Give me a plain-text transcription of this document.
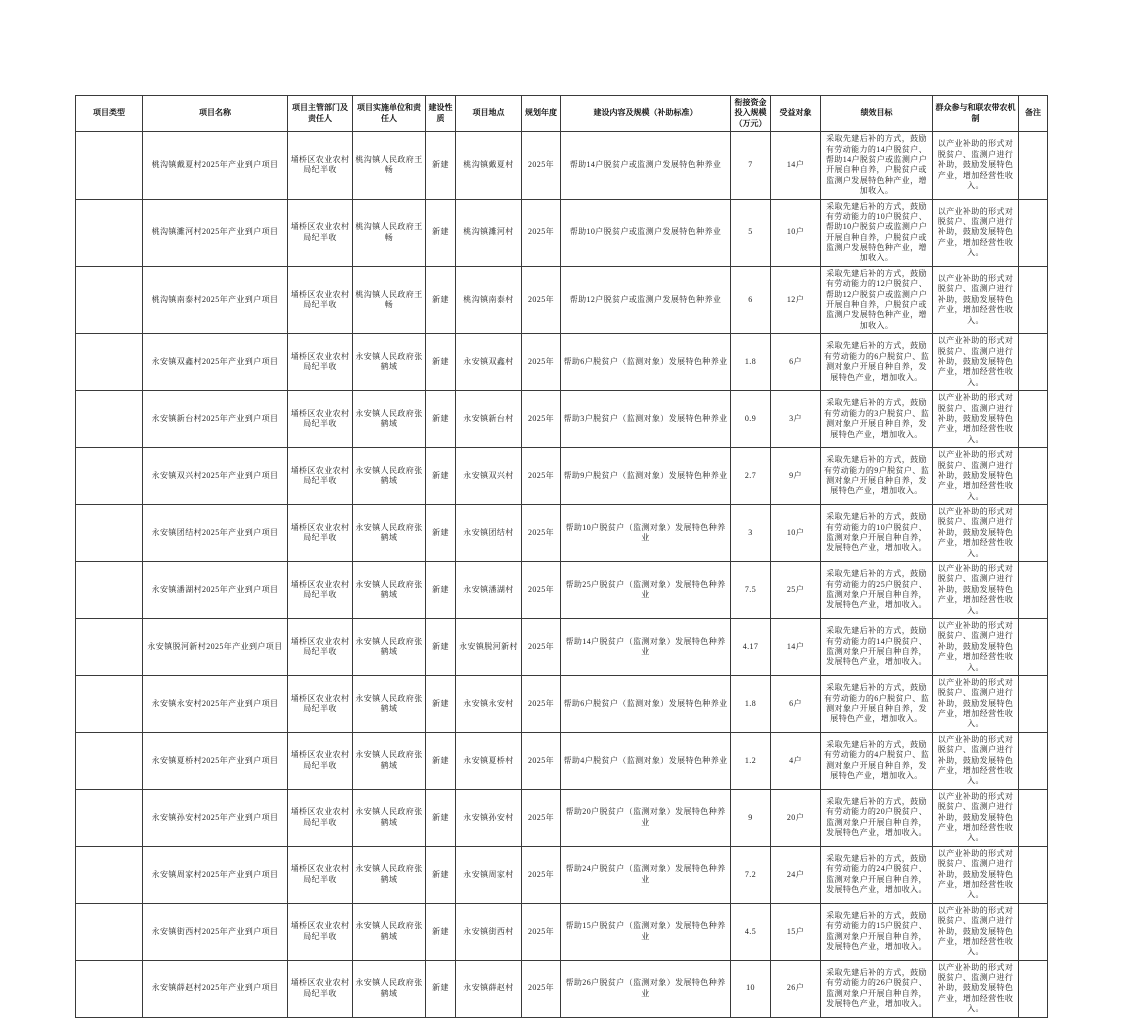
项目类型	项目名称	项目主管部门及责任人	项目实施单位和责任人	建设性质	项目地点	规划年度	建设内容及规模（补助标准）	衔接资金投入规模（万元）	受益对象	绩效目标	群众参与和联农带农机制	备注
	桃沟镇戴夏村2025年产业到户项目	埇桥区农业农村局纪半收	桃沟镇人民政府王畅	新建	桃沟镇戴夏村	2025年	帮助14户脱贫户或监测户发展特色种养业	7	14户	采取先建后补的方式，鼓励有劳动能力的14户脱贫户、帮助14户脱贫户或监测户户开展自种自养，户脱贫户或监测户发展特色种产业，增加收入。	以产业补助的形式对脱贫户、监测户进行补助，鼓励发展特色产业，增加经营性收入。	
	桃沟镇濉河村2025年产业到户项目	埇桥区农业农村局纪半收	桃沟镇人民政府王畅	新建	桃沟镇濉河村	2025年	帮助10户脱贫户或监测户发展特色种养业	5	10户	采取先建后补的方式，鼓励有劳动能力的10户脱贫户、帮助10户脱贫户或监测户户开展自种自养，户脱贫户或监测户发展特色种产业，增加收入。	以产业补助的形式对脱贫户、监测户进行补助，鼓励发展特色产业，增加经营性收入。	
	桃沟镇南泰村2025年产业到户项目	埇桥区农业农村局纪半收	桃沟镇人民政府王畅	新建	桃沟镇南泰村	2025年	帮助12户脱贫户或监测户发展特色种养业	6	12户	采取先建后补的方式，鼓励有劳动能力的12户脱贫户、帮助12户脱贫户或监测户户开展自种自养，户脱贫户或监测户发展特色种产业，增加收入。	以产业补助的形式对脱贫户、监测户进行补助，鼓励发展特色产业，增加经营性收入。	
	永安镇双鑫村2025年产业到户项目	埇桥区农业农村局纪半收	永安镇人民政府张鹤域	新建	永安镇双鑫村	2025年	帮助6户脱贫户（监测对象）发展特色种养业	1.8	6户	采取先建后补的方式，鼓励有劳动能力的6户脱贫户、监测对象户开展自种自养，发展特色产业，增加收入。	以产业补助的形式对脱贫户、监测户进行补助，鼓励发展特色产业，增加经营性收入。	
	永安镇新台村2025年产业到户项目	埇桥区农业农村局纪半收	永安镇人民政府张鹤域	新建	永安镇新台村	2025年	帮助3户脱贫户（监测对象）发展特色种养业	0.9	3户	采取先建后补的方式，鼓励有劳动能力的3户脱贫户、监测对象户开展自种自养，发展特色产业，增加收入。	以产业补助的形式对脱贫户、监测户进行补助，鼓励发展特色产业，增加经营性收入。	
	永安镇双兴村2025年产业到户项目	埇桥区农业农村局纪半收	永安镇人民政府张鹤域	新建	永安镇双兴村	2025年	帮助9户脱贫户（监测对象）发展特色种养业	2.7	9户	采取先建后补的方式，鼓励有劳动能力的9户脱贫户、监测对象户开展自种自养，发展特色产业，增加收入。	以产业补助的形式对脱贫户、监测户进行补助，鼓励发展特色产业，增加经营性收入。	
	永安镇团结村2025年产业到户项目	埇桥区农业农村局纪半收	永安镇人民政府张鹤域	新建	永安镇团结村	2025年	帮助10户脱贫户（监测对象）发展特色种养业	3	10户	采取先建后补的方式，鼓励有劳动能力的10户脱贫户、监测对象户开展自种自养，发展特色产业，增加收入。	以产业补助的形式对脱贫户、监测户进行补助，鼓励发展特色产业，增加经营性收入。	
	永安镇潘湖村2025年产业到户项目	埇桥区农业农村局纪半收	永安镇人民政府张鹤域	新建	永安镇潘湖村	2025年	帮助25户脱贫户（监测对象）发展特色种养业	7.5	25户	采取先建后补的方式，鼓励有劳动能力的25户脱贫户、监测对象户开展自种自养，发展特色产业，增加收入。	以产业补助的形式对脱贫户、监测户进行补助，鼓励发展特色产业，增加经营性收入。	
	永安镇脱河新村2025年产业到户项目	埇桥区农业农村局纪半收	永安镇人民政府张鹤域	新建	永安镇脱河新村	2025年	帮助14户脱贫户（监测对象）发展特色种养业	4.17	14户	采取先建后补的方式，鼓励有劳动能力的14户脱贫户、监测对象户开展自种自养，发展特色产业，增加收入。	以产业补助的形式对脱贫户、监测户进行补助，鼓励发展特色产业，增加经营性收入。	
	永安镇永安村2025年产业到户项目	埇桥区农业农村局纪半收	永安镇人民政府张鹤域	新建	永安镇永安村	2025年	帮助6户脱贫户（监测对象）发展特色种养业	1.8	6户	采取先建后补的方式，鼓励有劳动能力的6户脱贫户、监测对象户开展自种自养，发展特色产业，增加收入。	以产业补助的形式对脱贫户、监测户进行补助，鼓励发展特色产业，增加经营性收入。	
	永安镇夏桥村2025年产业到户项目	埇桥区农业农村局纪半收	永安镇人民政府张鹤域	新建	永安镇夏桥村	2025年	帮助4户脱贫户（监测对象）发展特色种养业	1.2	4户	采取先建后补的方式，鼓励有劳动能力的4户脱贫户、监测对象户开展自种自养，发展特色产业，增加收入。	以产业补助的形式对脱贫户、监测户进行补助，鼓励发展特色产业，增加经营性收入。	
	永安镇孙安村2025年产业到户项目	埇桥区农业农村局纪半收	永安镇人民政府张鹤域	新建	永安镇孙安村	2025年	帮助20户脱贫户（监测对象）发展特色种养业	9	20户	采取先建后补的方式，鼓励有劳动能力的20户脱贫户、监测对象户开展自种自养，发展特色产业，增加收入。	以产业补助的形式对脱贫户、监测户进行补助，鼓励发展特色产业，增加经营性收入。	
	永安镇周家村2025年产业到户项目	埇桥区农业农村局纪半收	永安镇人民政府张鹤域	新建	永安镇周家村	2025年	帮助24户脱贫户（监测对象）发展特色种养业	7.2	24户	采取先建后补的方式，鼓励有劳动能力的24户脱贫户、监测对象户开展自种自养，发展特色产业，增加收入。	以产业补助的形式对脱贫户、监测户进行补助，鼓励发展特色产业，增加经营性收入。	
	永安镇街西村2025年产业到户项目	埇桥区农业农村局纪半收	永安镇人民政府张鹤域	新建	永安镇街西村	2025年	帮助15户脱贫户（监测对象）发展特色种养业	4.5	15户	采取先建后补的方式，鼓励有劳动能力的15户脱贫户、监测对象户开展自种自养，发展特色产业，增加收入。	以产业补助的形式对脱贫户、监测户进行补助，鼓励发展特色产业，增加经营性收入。	
	永安镇薛赵村2025年产业到户项目	埇桥区农业农村局纪半收	永安镇人民政府张鹤域	新建	永安镇薛赵村	2025年	帮助26户脱贫户（监测对象）发展特色种养业	10	26户	采取先建后补的方式，鼓励有劳动能力的26户脱贫户、监测对象户开展自种自养，发展特色产业，增加收入。	以产业补助的形式对脱贫户、监测户进行补助，鼓励发展特色产业，增加经营性收入。	
